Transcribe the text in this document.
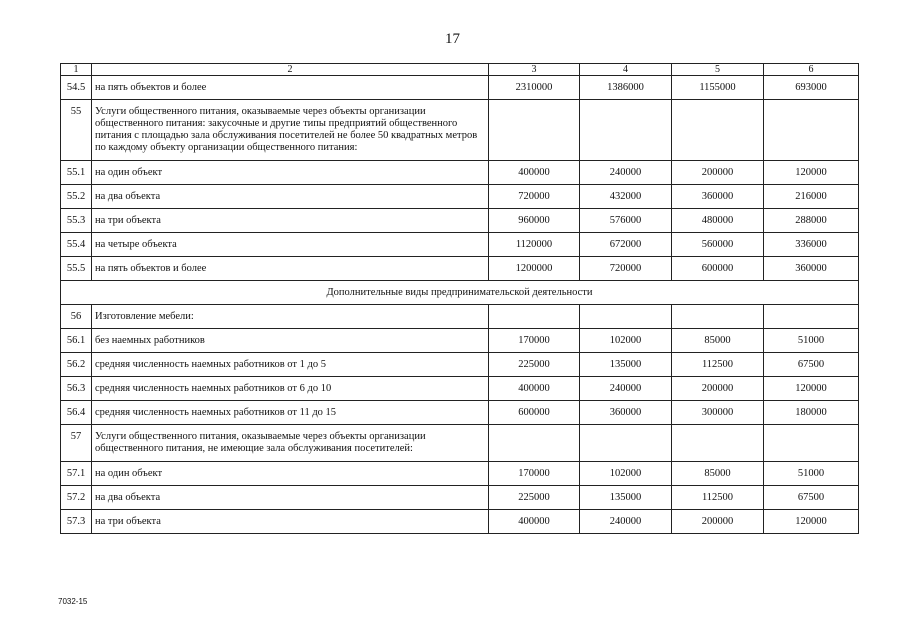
17
1	2	3	4	5	6
54.5	на пять объектов и более	2310000	1386000	1155000	693000
55	Услуги общественного питания, оказываемые через объекты организации общественного питания: закусочные и другие типы предприятий общественного питания с площадью зала обслуживания посетителей не более 50 квадратных метров по каждому объекту организации общественного питания:				
55.1	на один объект	400000	240000	200000	120000
55.2	на два объекта	720000	432000	360000	216000
55.3	на три объекта	960000	576000	480000	288000
55.4	на четыре объекта	1120000	672000	560000	336000
55.5	на пять объектов и более	1200000	720000	600000	360000
Дополнительные виды предпринимательской деятельности					
56	Изготовление мебели:				
56.1	без наемных работников	170000	102000	85000	51000
56.2	средняя численность наемных работников от 1 до 5	225000	135000	112500	67500
56.3	средняя численность наемных работников от 6 до 10	400000	240000	200000	120000
56.4	средняя численность наемных работников от 11 до 15	600000	360000	300000	180000
57	Услуги общественного питания, оказываемые через объекты организации общественного питания, не имеющие зала обслуживания посетителей:				
57.1	на один объект	170000	102000	85000	51000
57.2	на два объекта	225000	135000	112500	67500
57.3	на три объекта	400000	240000	200000	120000
7032-15
